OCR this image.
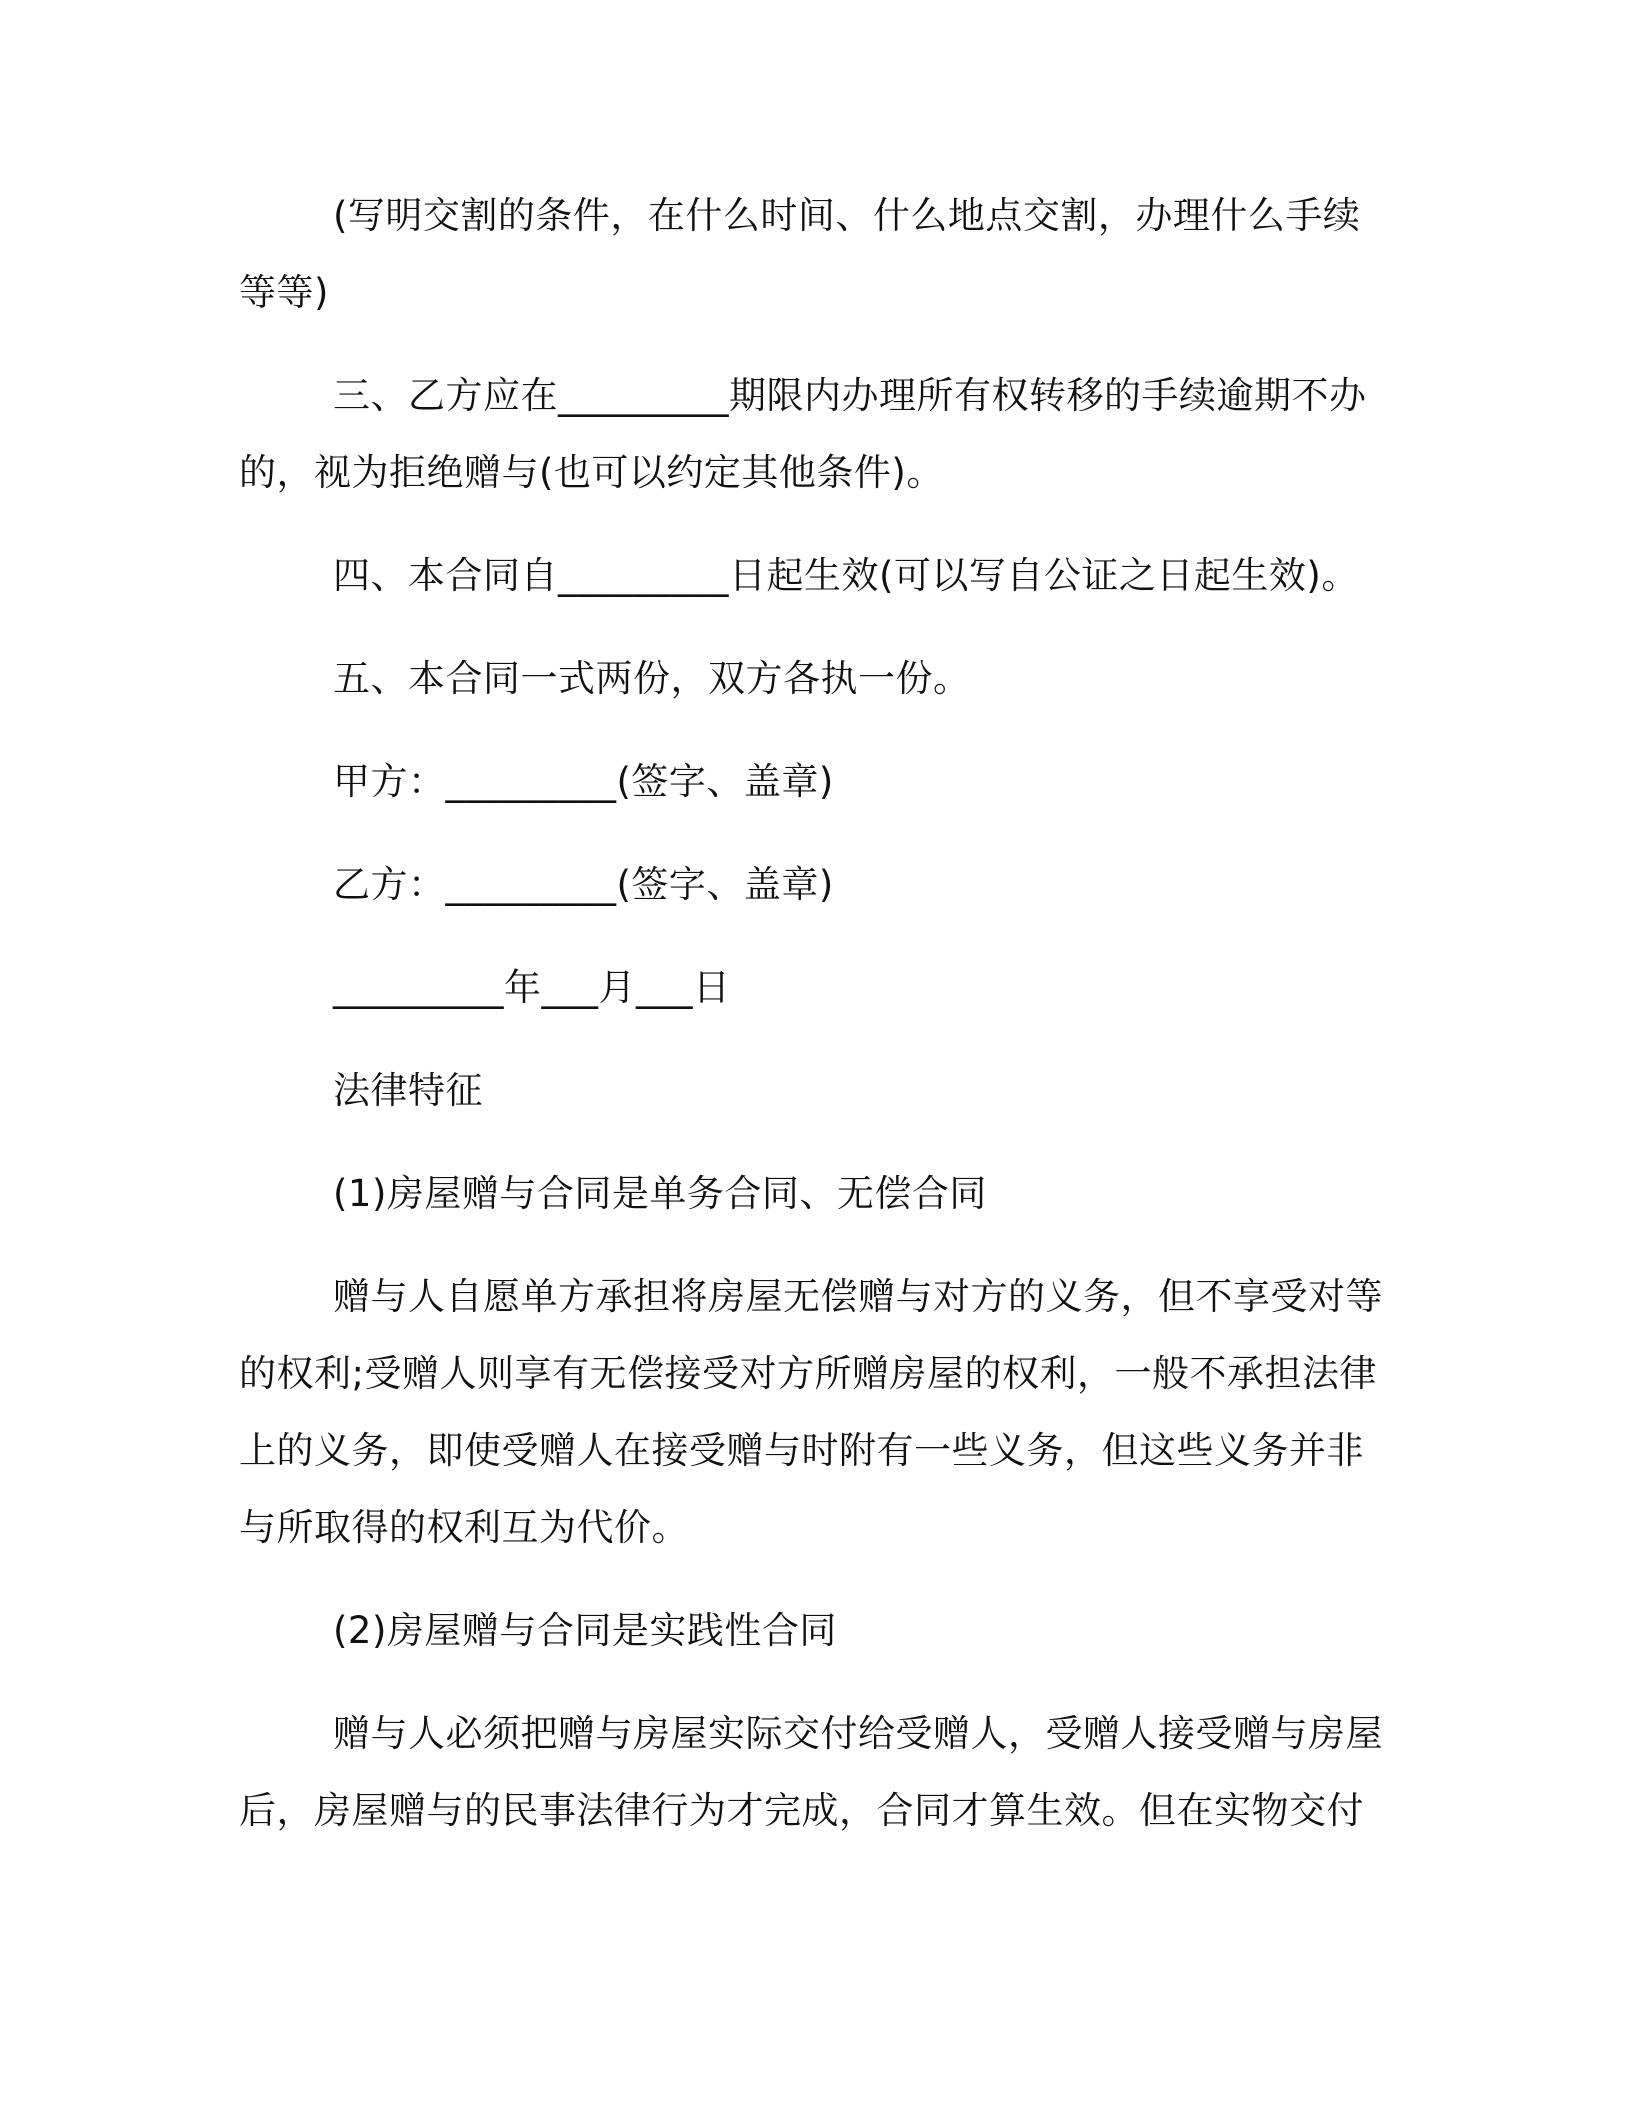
(写明交割的条件，在什么时间、什么地点交割，办理什么手续
等等)
三、乙方应在_________期限内办理所有权转移的手续逾期不办
的，视为拒绝赠与(也可以约定其他条件)。
四、本合同自_________日起生效(可以写自公证之日起生效)。
五、本合同一式两份，双方各执一份。
甲方：_________(签字、盖章)
乙方：_________(签字、盖章)
_________年___月___日
法律特征
(1)房屋赠与合同是单务合同、无偿合同
赠与人自愿单方承担将房屋无偿赠与对方的义务，但不享受对等
的权利;受赠人则享有无偿接受对方所赠房屋的权利，一般不承担法律
上的义务，即使受赠人在接受赠与时附有一些义务，但这些义务并非
与所取得的权利互为代价。
(2)房屋赠与合同是实践性合同
赠与人必须把赠与房屋实际交付给受赠人，受赠人接受赠与房屋
后，房屋赠与的民事法律行为才完成，合同才算生效。但在实物交付
